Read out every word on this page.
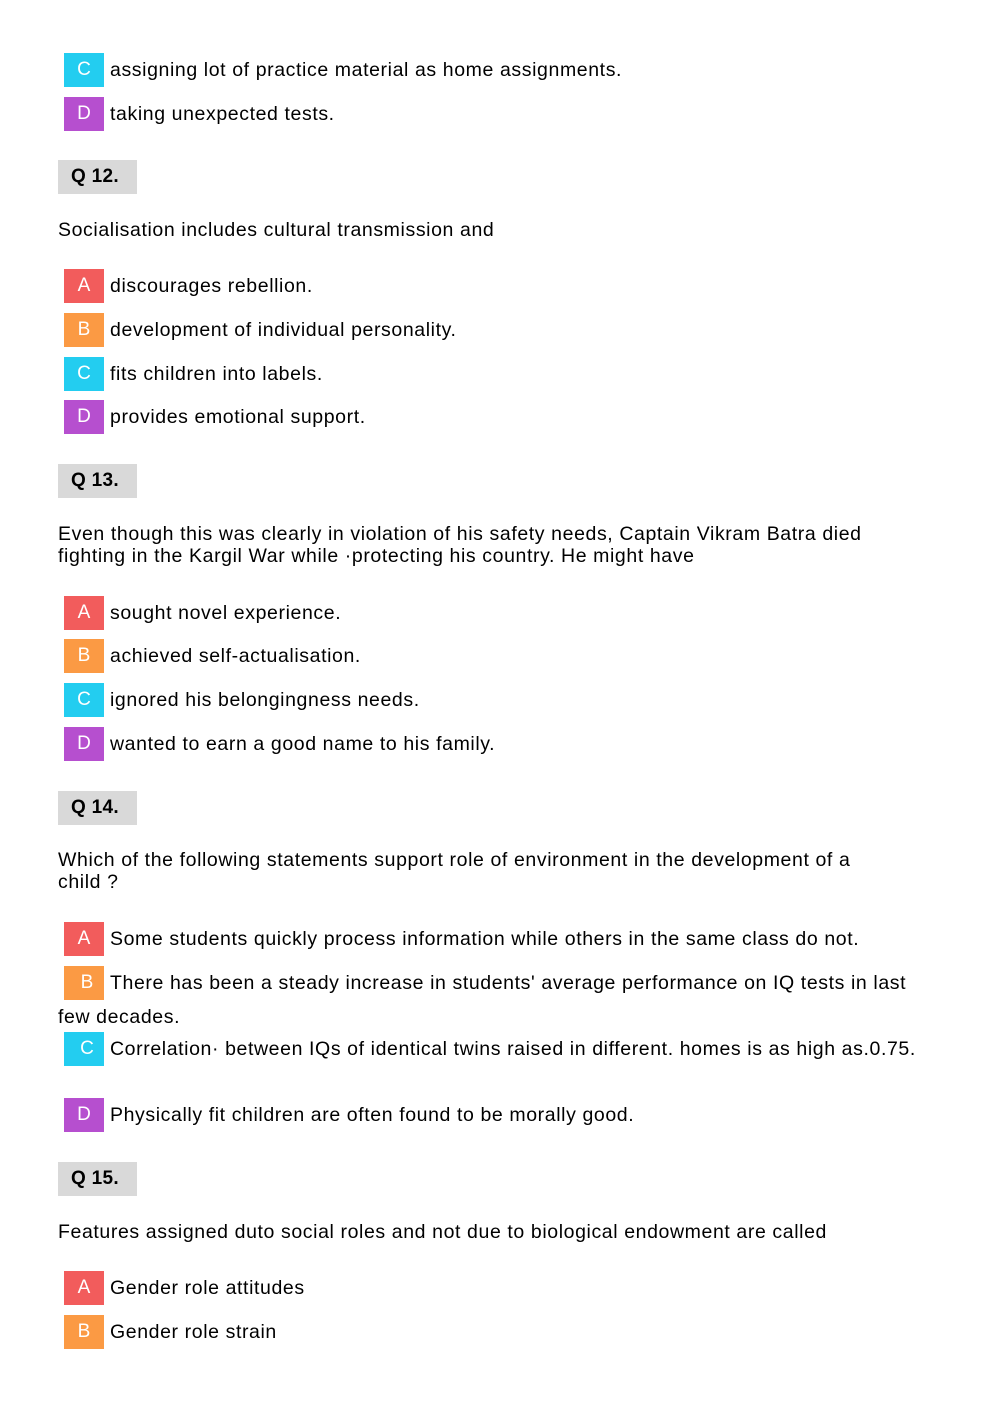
C assigning lot of practice material as home assignments.
D taking unexpected tests.
Q 12.
Socialisation includes cultural transmission and
A discourages rebellion.
B development of individual personality.
C fits children into labels.
D provides emotional support.
Q 13.
Even though this was clearly in violation of his safety needs, Captain Vikram Batra died
fighting in the Kargil War while ·protecting his country. He might have
A sought novel experience.
B achieved self-actualisation.
C ignored his belongingness needs.
D wanted to earn a good name to his family.
Q 14.
Which of the following statements support role of environment in the development of a
child ?
A Some students quickly process information while others in the same class do not.
B There has been a steady increase in students' average performance on IQ tests in last few decades.
C Correlation· between IQs of identical twins raised in different. homes is as high as.0.75.
D Physically fit children are often found to be morally good.
Q 15.
Features assigned duto social roles and not due to biological endowment are called
A Gender role attitudes
B Gender role strain
